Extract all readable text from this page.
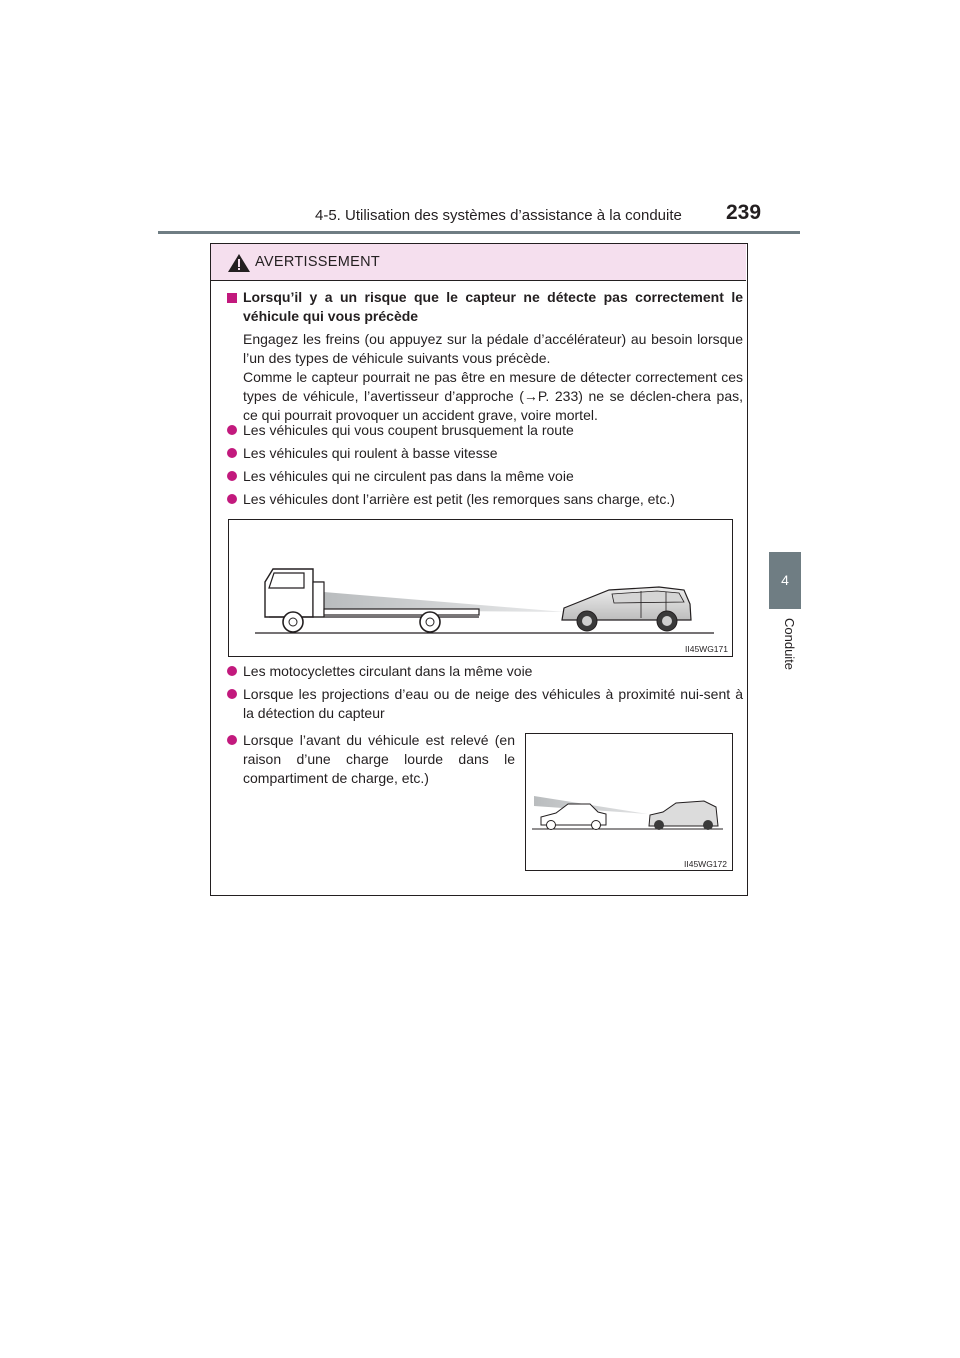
4-5. Utilisation des systèmes d’assistance à la conduite 239
4
Conduite
AVERTISSEMENT
Lorsqu’il y a un risque que le capteur ne détecte pas correctement le véhicule qui vous précède

Engagez les freins (ou appuyez sur la pédale d’accélérateur) au besoin lorsque l’un des types de véhicule suivants vous précède.

Comme le capteur pourrait ne pas être en mesure de détecter correctement ces types de véhicule, l’avertisseur d’approche (→P. 233) ne se déclen-chera pas, ce qui pourrait provoquer un accident grave, voire mortel.

Les véhicules qui vous coupent brusquement la route
Les véhicules qui roulent à basse vitesse
Les véhicules qui ne circulent pas dans la même voie
Les véhicules dont l’arrière est petit (les remorques sans charge, etc.)
II45WG171
Les motocyclettes circulant dans la même voie
Lorsque les projections d’eau ou de neige des véhicules à proximité nui-sent à la détection du capteur
Lorsque l’avant du véhicule est relevé (en raison d’une charge lourde dans le compartiment de charge, etc.)
II45WG172
